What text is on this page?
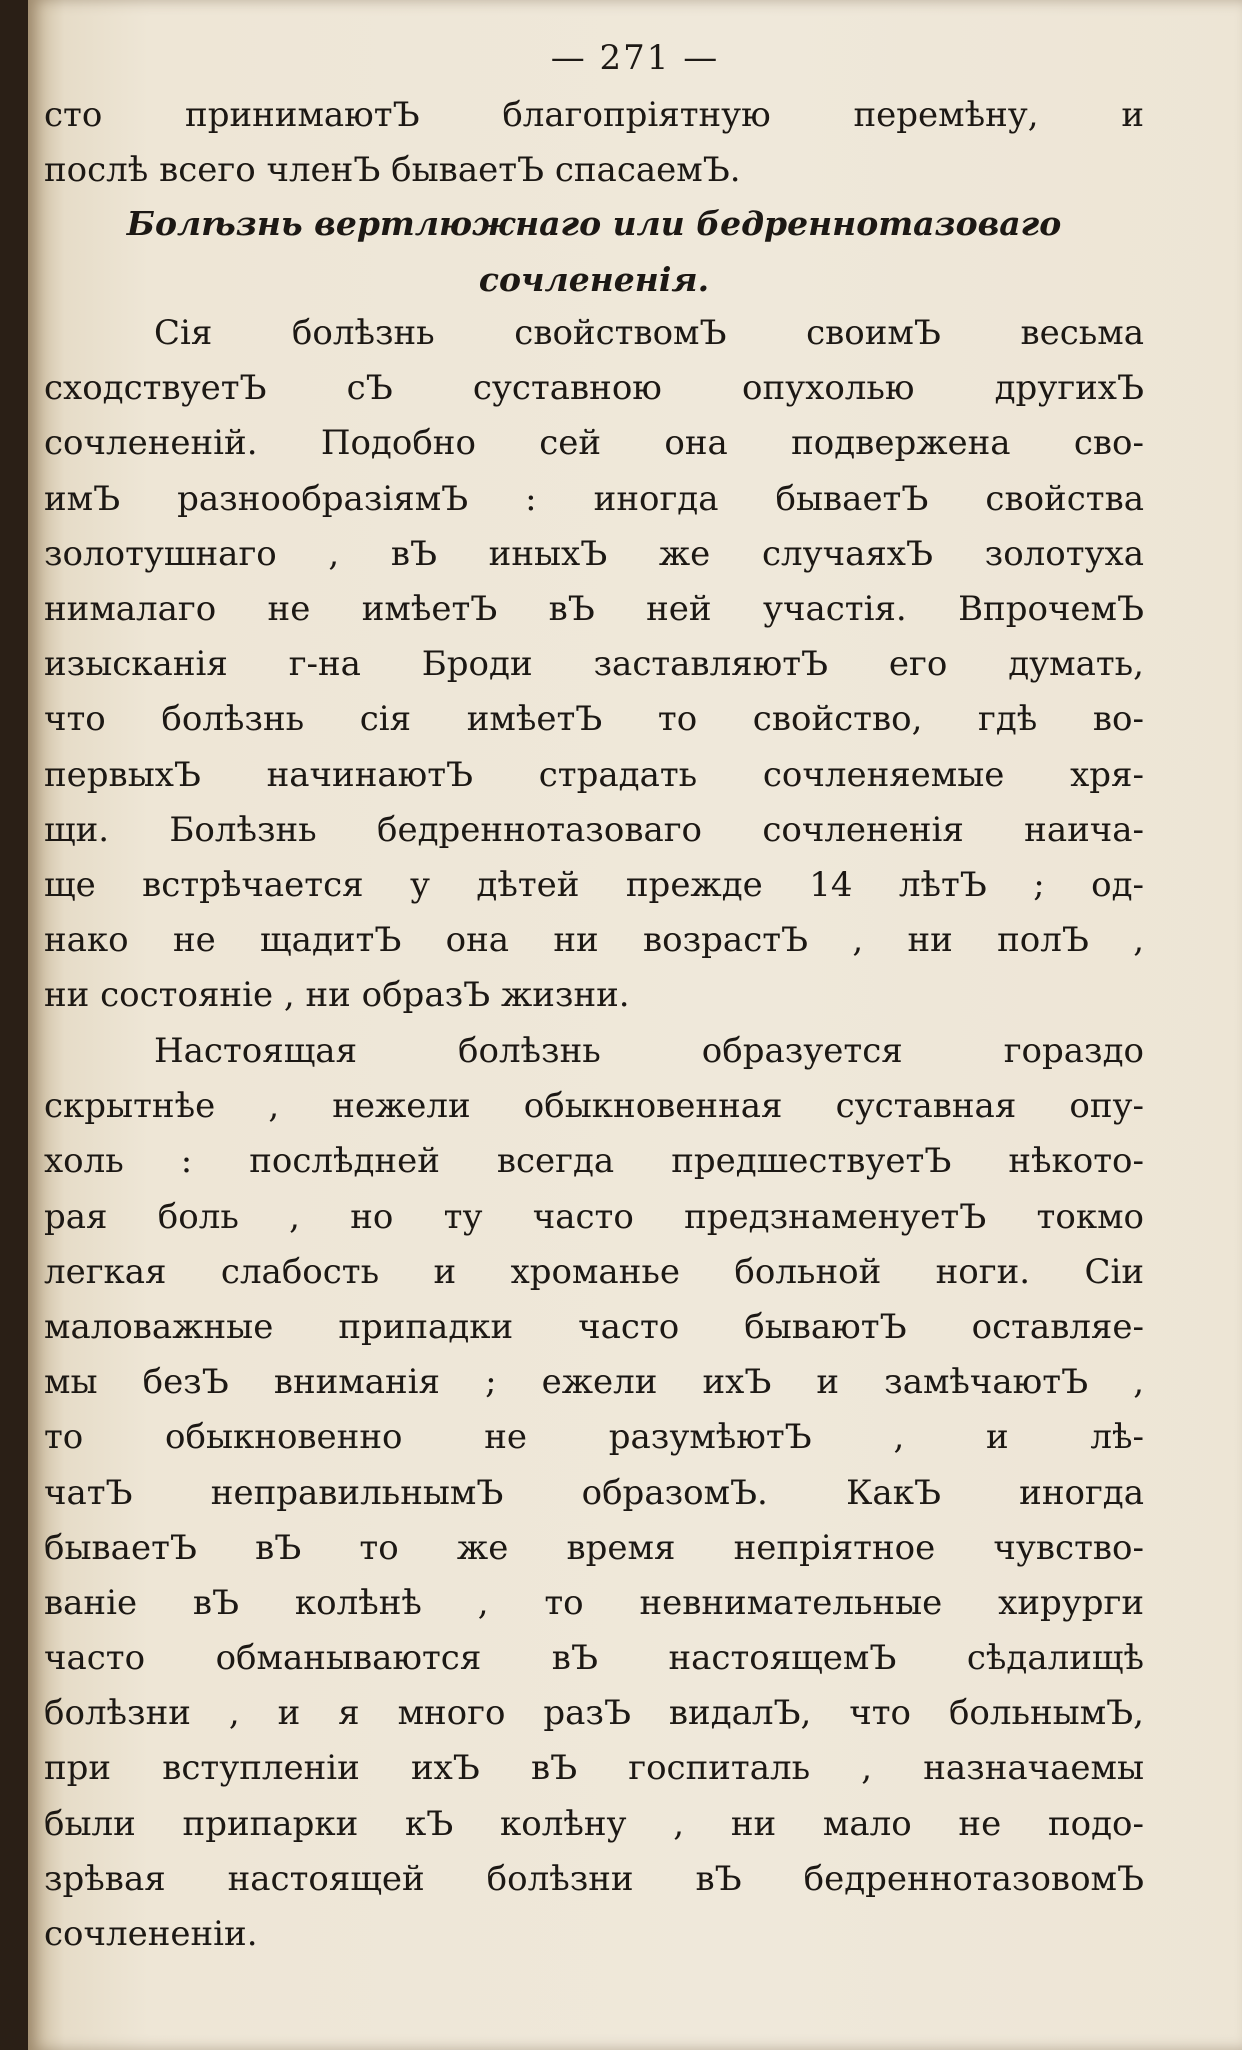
— 271 —
сто принимаютЪ благопріятную перемѣну, и
послѣ всего членЪ бываетЪ спасаемЪ.
Болѣзнь вертлюжнаго или бедреннотазоваго
сочлененія.
Сія болѣзнь свойствомЪ своимЪ весьма
сходствуетЪ сЪ суставною опухолью другихЪ
сочлененій. Подобно сей она подвержена сво-
имЪ разнообразіямЪ : иногда бываетЪ свойства
золотушнаго , вЪ иныхЪ же случаяхЪ золотуха
нималаго не имѣетЪ вЪ ней участія. ВпрочемЪ
изысканія г-на Броди заставляютЪ его думать,
что болѣзнь сія имѣетЪ то свойство, гдѣ во-
первыхЪ начинаютЪ страдать сочленяемые хря-
щи. Болѣзнь бедреннотазоваго сочлененія наича-
ще встрѣчается у дѣтей прежде 14 лѣтЪ ; од-
нако не щадитЪ она ни возрастЪ , ни полЪ ,
ни состояніе , ни образЪ жизни.
Настоящая болѣзнь образуется гораздо
скрытнѣе , нежели обыкновенная суставная опу-
холь : послѣдней всегда предшествуетЪ нѣкото-
рая боль , но ту часто предзнаменуетЪ токмо
легкая слабость и хроманье больной ноги. Сіи
маловажные припадки часто бываютЪ оставляе-
мы безЪ вниманія ; ежели ихЪ и замѣчаютЪ ,
то обыкновенно не разумѣютЪ , и лѣ-
чатЪ неправильнымЪ образомЪ. КакЪ иногда
бываетЪ вЪ то же время непріятное чувство-
ваніе вЪ колѣнѣ , то невнимательные хирурги
часто обманываются вЪ настоящемЪ сѣдалищѣ
болѣзни , и я много разЪ видалЪ, что больнымЪ,
при вступленіи ихЪ вЪ госпиталь , назначаемы
были припарки кЪ колѣну , ни мало не подо-
зрѣвая настоящей болѣзни вЪ бедреннотазовомЪ
сочлененіи.
